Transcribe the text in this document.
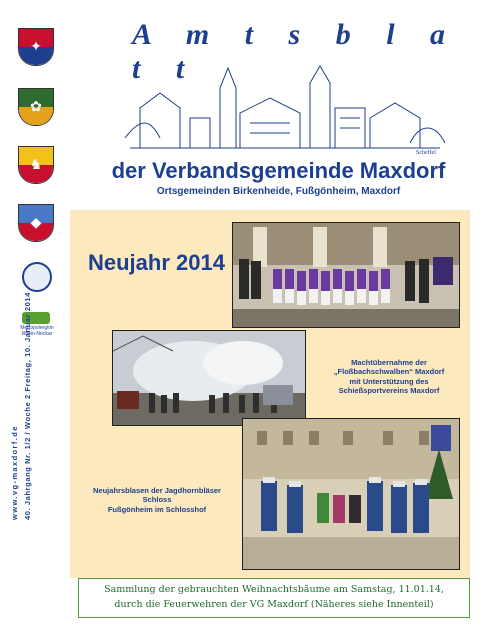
✦
✿
♞
◆
Metropolregion Rhein-Neckar
www.vg-maxdorf.de 40. Jahrgang Nr. 1/2 / Woche 2 Freitag, 10. Januar 2014
A m t s b l a t t
Scheffel
der Verbandsgemeinde Maxdorf
Ortsgemeinden Birkenheide, Fußgönheim, Maxdorf
Neujahr 2014
Machtübernahme der
„Floßbachschwalben“ Maxdorf
mit Unterstützung des
Schießsportvereins Maxdorf
Neujahrsblasen der Jagdhornbläser
Schloss
Fußgönheim im Schlosshof
Sammlung der gebrauchten Weihnachtsbäume am Samstag, 11.01.14,
durch die Feuerwehren der VG Maxdorf (Näheres siehe Innenteil)
